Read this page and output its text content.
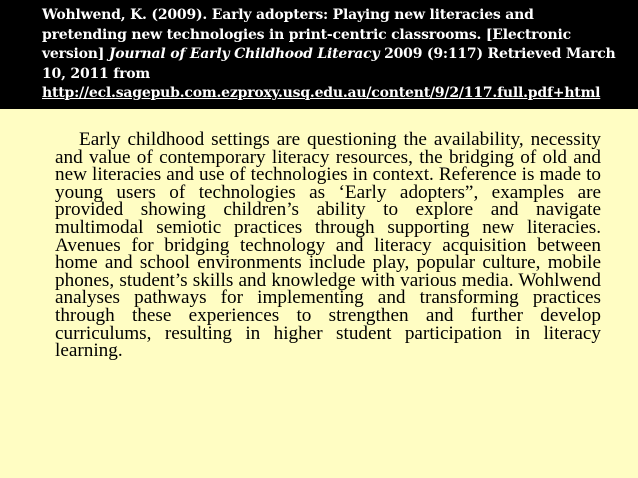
Wohlwend, K. (2009). Early adopters: Playing new literacies and pretending new technologies in print-centric classrooms. [Electronic version] Journal of Early Childhood Literacy 2009 (9:117) Retrieved March 10, 2011 from http://ecl.sagepub.com.ezproxy.usq.edu.au/content/9/2/117.full.pdf+html

Early childhood settings are questioning the availability, necessity and value of contemporary literacy resources, the bridging of old and new literacies and use of technologies in context. Reference is made to young users of technologies as ‘Early adopters”, examples are provided showing children’s ability to explore and navigate multimodal semiotic practices through supporting new literacies. Avenues for bridging technology and literacy acquisition between home and school environments include play, popular culture, mobile phones, student’s skills and knowledge with various media. Wohlwend analyses pathways for implementing and transforming practices through these experiences to strengthen and further develop curriculums, resulting in higher student participation in literacy learning.
